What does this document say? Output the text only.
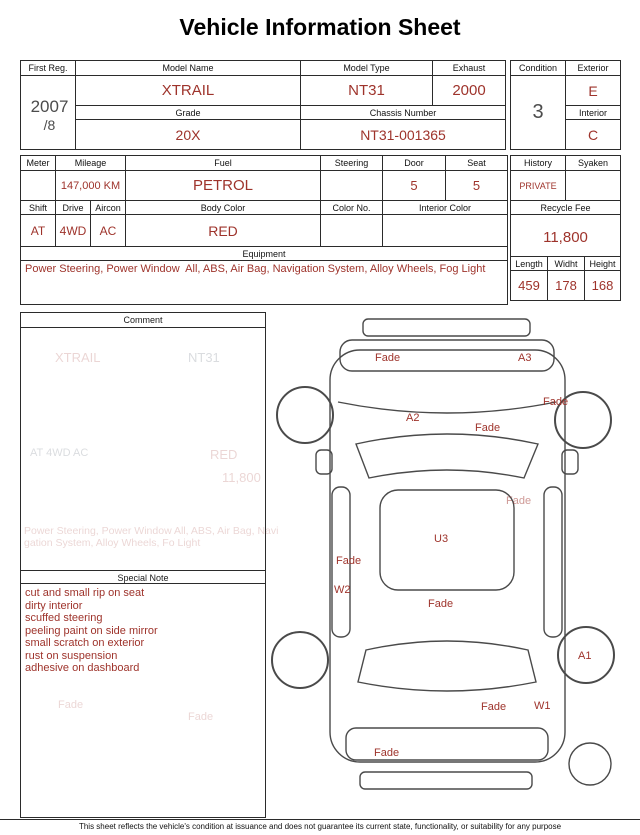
Vehicle Information Sheet
First Reg.	Model Name	Model Type	Exhaust

2007
/8	XTRAIL	NT31	2000
	Grade	Chassis Number	
	20X	NT31-001365	
Condition	Exterior
3	E
	Interior
	C
Meter	Mileage		Fuel	Steering	Door	Seat
	147,000 KM		PETROL		5	5
Shift	Drive	Aircon	Body Color	Color No.	Interior Color	
AT	4WD	AC	RED			
Equipment						
Power Steering, Power Window  All, ABS, Air Bag, Navigation System, Alloy Wheels, Fog Light						
History	Syaken
PRIVATE	
Recycle Fee	
11,800	
Length	Widht	Height
459	178	168
Comment
XTRAIL	NT31
AT 4WD AC	RED
11,800
Power Steering, Power Window All, ABS, Air Bag, Navi
gation System, Alloy Wheels, Fo Light
Special Note
cut and small rip on seat
dirty interior
scuffed steering
peeling paint on side mirror
small scratch on exterior
rust on suspension
adhesive on dashboard
Fade
Fade
Fade	A3
Fade
A2
Fade
Fade
U3
Fade
W2
Fade
A1
Fade	W1
Fade
This sheet reflects the vehicle's condition at issuance and does not guarantee its current state, functionality, or suitability for any purpose
